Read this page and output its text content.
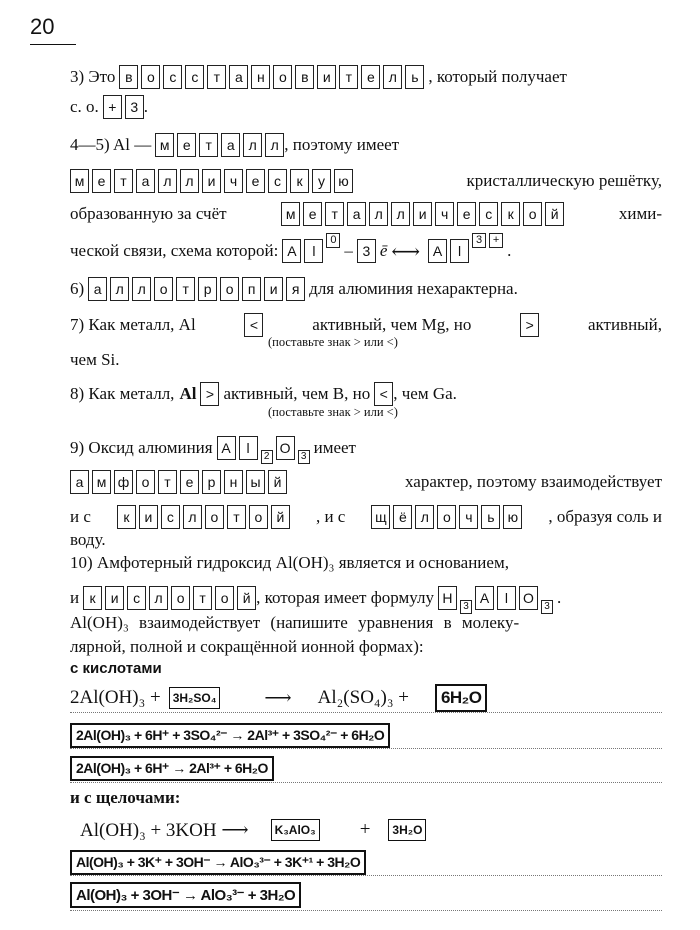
20
3) Это в	о	с	с	т	а	н	о	в	и	т	е	л	ь , который получает
с. о. +	3 .
4—5) Al — м е	т	а	л л , поэтому имеет
м е	т	а	л л	и	ч	е	с	к	у ю	кристаллическую решётку,
образованную за счёт	м е	т	а	л л	и	ч	е	с	к	о	й	хими-
ческой связи, схема которой: A	l
0
– 3 ē ⟷ A	l
3 +
.
6) а	л л	о	т	р	о	п	и	я для алюминия нехарактерна.
7) Как металл, Al	<	активный, чем Mg, но	>	активный,
(поставьте знак > или <)
чем Si.
8) Как металл, Al > активный, чем B, но < , чем Ga.
(поставьте знак > или <)
9) Оксид алюминия A	l
2
O
3 имеет
а м ф о	т	е	р	н ы й	характер, поэтому взаимодействует
и с	к	и	с	л	о	т	о	й	, и с щ ё	л	о	ч	ь ю , образуя соль и
воду.
10) Амфотерный гидроксид Al(OH)₃ является и основанием,
и к	и	с	л	о	т	о	й , которая имеет формулу H
3
A	l	O
3 .
Al(OH)₃ взаимодействует (напишите уравнения в молеку-
лярной, полной и сокращённой ионной формах):
с кислотами
2Al(OH)₃ +	3H₂SO₄	⟶ Al₂(SO₄)₃ +	6H₂O
2Al(OH)₃ + 6H⁺ + 3SO₄²⁻ → 2Al³⁺ + 3SO₄²⁻ + 6H₂O
2Al(OH)₃ + 6H⁺ → 2Al³⁺ + 6H₂O
и с щелочами:
Al(OH)₃ + 3KOH ⟶	K₃AlO₃ +	3H₂O
Al(OH)₃ + 3K⁺ + 3OH⁻ → AlO₃³⁻ + 3K⁺¹ + 3H₂O
Al(OH)₃ + 3OH⁻ → AlO₃³⁻ + 3H₂O
